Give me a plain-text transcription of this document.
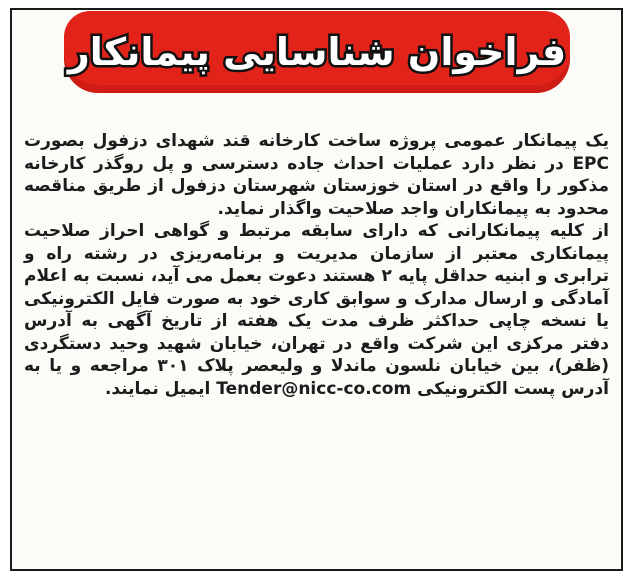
فراخوان شناسایی پیمانکار

یک پیمانکار عمومی پروژه ساخت کارخانه قند شهدای دزفول بصورت EPC در نظر دارد عملیات احداث جاده دسترسی و پل روگذر کارخانه مذکور را واقع در استان خوزستان شهرستان دزفول از طریق مناقصه محدود به پیمانکاران واجد صلاحیت واگذار نماید.

از کلیه پیمانکارانی که دارای سابقه مرتبط و گواهی احراز صلاحیت پیمانکاری معتبر از سازمان مدیریت و برنامه‌ریزی در رشته راه و ترابری و ابنیه حداقل پایه ۲ هستند دعوت بعمل می آید، نسبت به اعلام آمادگی و ارسال مدارک و سوابق کاری خود به صورت فایل الکترونیکی یا نسخه چاپی حداکثر ظرف مدت یک هفته از تاریخ آگهی به آدرس دفتر مرکزی این شرکت واقع در تهران، خیابان شهید وحید دستگردی (ظفر)، بین خیابان نلسون ماندلا و ولیعصر پلاک ۳۰۱ مراجعه و یا به آدرس پست الکترونیکی Tender@nicc-co.com ایمیل نمایند.
